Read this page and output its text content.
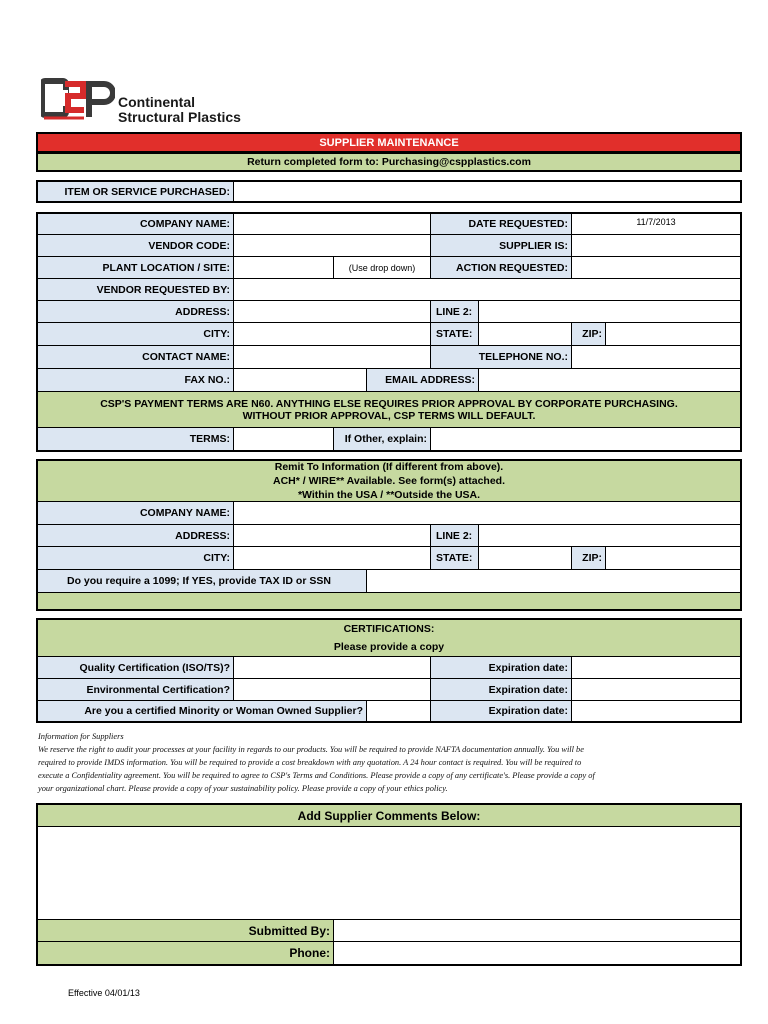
Continental
Structural Plastics
SUPPLIER MAINTENANCE
Return completed form to: Purchasing@cspplastics.com
ITEM OR SERVICE PURCHASED:
COMPANY NAME:	DATE REQUESTED:	11/7/2013
VENDOR CODE:	SUPPLIER IS:
PLANT LOCATION / SITE:	(Use drop down)	ACTION REQUESTED:
VENDOR REQUESTED BY:
ADDRESS:	LINE 2:
CITY:	STATE:	ZIP:
CONTACT NAME:	TELEPHONE NO.:
FAX NO.:	EMAIL ADDRESS:
CSP'S PAYMENT TERMS ARE N60. ANYTHING ELSE REQUIRES PRIOR APPROVAL BY CORPORATE PURCHASING.
WITHOUT PRIOR APPROVAL, CSP TERMS WILL DEFAULT.
TERMS:	If Other, explain:
Remit To Information (If different from above).
ACH* / WIRE** Available. See form(s) attached.
*Within the USA / **Outside the USA.
COMPANY NAME:
ADDRESS:	LINE 2:
CITY:	STATE:	ZIP:
Do you require a 1099; If YES, provide TAX ID or SSN
CERTIFICATIONS:
Please provide a copy
Quality Certification (ISO/TS)?	Expiration date:
Environmental Certification?	Expiration date:
Are you a certified Minority or Woman Owned Supplier?	Expiration date:
Information for Suppliers
We reserve the right to audit your processes at your facility in regards to our products. You will be required to provide NAFTA documentation annually. You will be
required to provide IMDS information. You will be required to provide a cost breakdown with any quotation. A 24 hour contact is required. You will be required to
execute a Confidentiality agreement. You will be required to agree to CSP's Terms and Conditions. Please provide a copy of any certificate's. Please provide a copy of
your organizational chart. Please provide a copy of your sustainability policy. Please provide a copy of your ethics policy.
Add Supplier Comments Below:
Submitted By:
Phone:
Effective 04/01/13
